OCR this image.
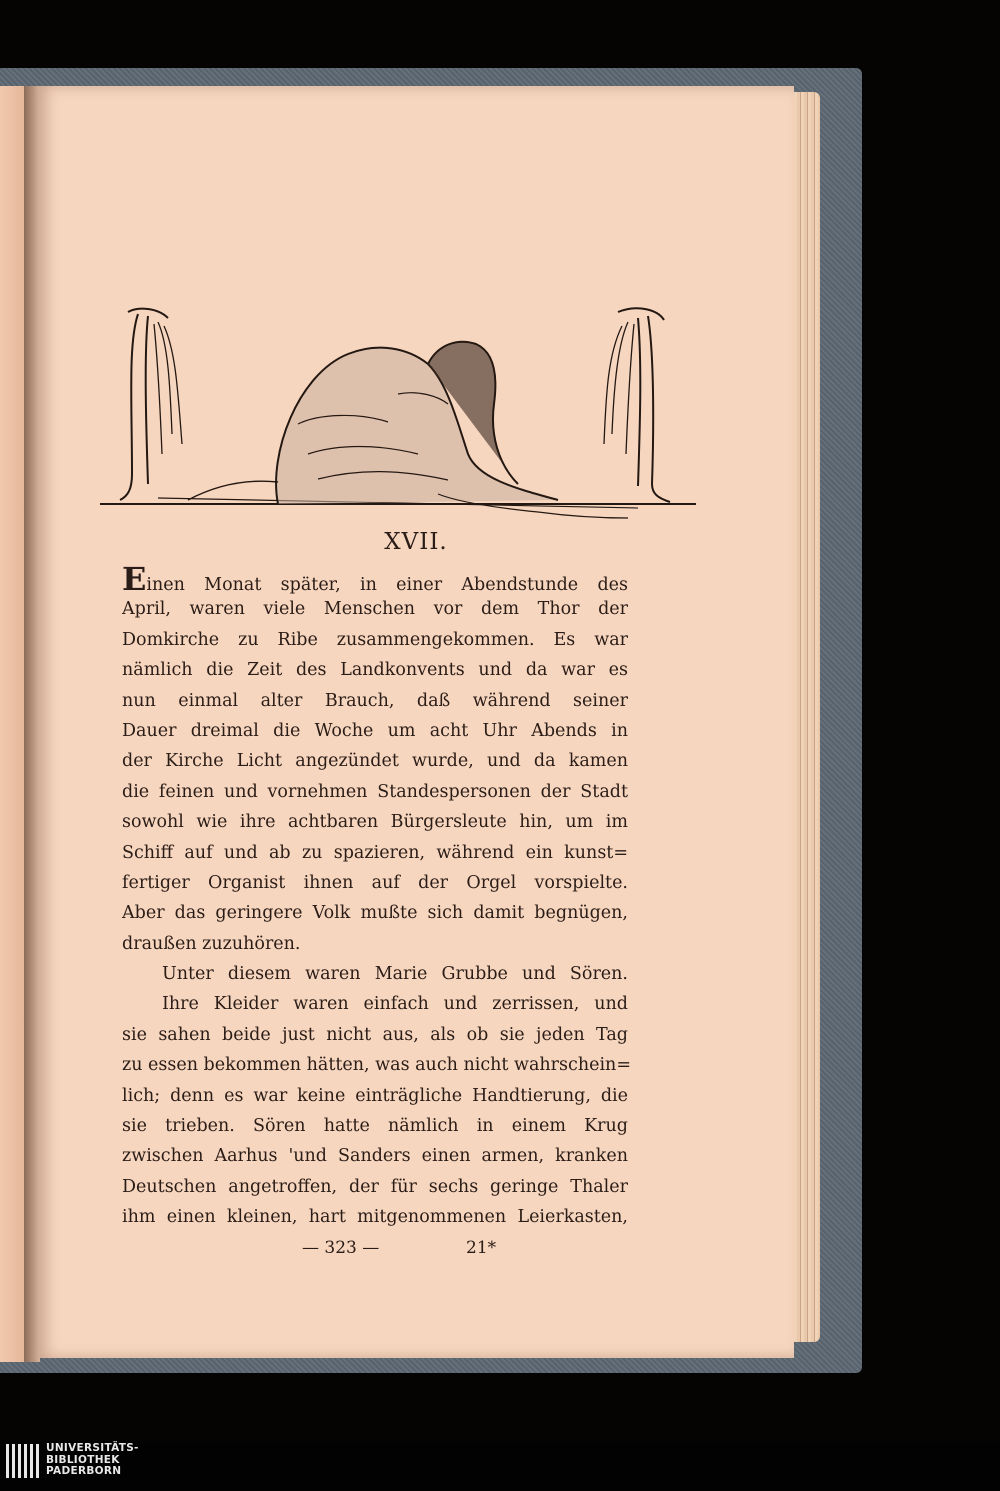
XVII.
Einen Monat später, in einer Abendstunde des
April, waren viele Menschen vor dem Thor der
Domkirche zu Ribe zusammengekommen. Es war
nämlich die Zeit des Landkonvents und da war es
nun einmal alter Brauch, daß während seiner
Dauer dreimal die Woche um acht Uhr Abends in
der Kirche Licht angezündet wurde, und da kamen
die feinen und vornehmen Standespersonen der Stadt
sowohl wie ihre achtbaren Bürgersleute hin, um im
Schiff auf und ab zu spazieren, während ein kunst=
fertiger Organist ihnen auf der Orgel vorspielte.
Aber das geringere Volk mußte sich damit begnügen,
draußen zuzuhören.
Unter diesem waren Marie Grubbe und Sören.
Ihre Kleider waren einfach und zerrissen, und
sie sahen beide just nicht aus, als ob sie jeden Tag
zu essen bekommen hätten, was auch nicht wahrschein=
lich; denn es war keine einträgliche Handtierung, die
sie trieben. Sören hatte nämlich in einem Krug
zwischen Aarhus 'und Sanders einen armen, kranken
Deutschen angetroffen, der für sechs geringe Thaler
ihm einen kleinen, hart mitgenommenen Leierkasten,
— 323 —	21*
UNIVERSITÄTS-
BIBLIOTHEK
PADERBORN
